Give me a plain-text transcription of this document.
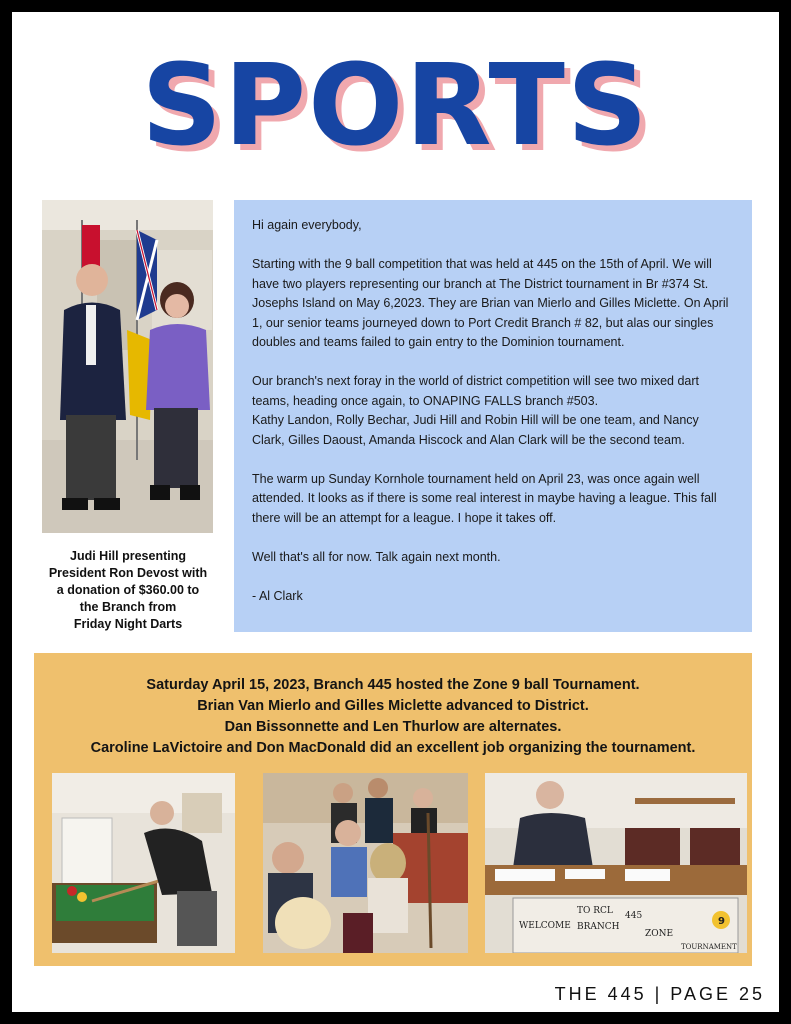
SPORTS
Judi Hill presenting
President Ron Devost with
a donation of $360.00 to
the Branch from
Friday Night Darts

Hi again everybody,

Starting with the 9 ball competition that was held at 445 on the 15th of April. We will have two players representing our branch at The District tournament in Br #374 St. Josephs Island on May 6,2023. They are Brian van Mierlo and Gilles Miclette. On April 1, our senior teams journeyed down to Port Credit Branch # 82, but alas our singles doubles and teams failed to gain entry to the Dominion tournament.

Our branch's next foray in the world of district competition will see two mixed dart teams, heading once again, to ONAPING FALLS branch #503.
Kathy Landon, Rolly Bechar, Judi Hill and Robin Hill will be one team, and Nancy Clark, Gilles Daoust, Amanda Hiscock and Alan Clark will be the second team.

The warm up Sunday Kornhole tournament held on April 23, was once again well attended. It looks as if there is some real interest in maybe having a league. This fall there will be an attempt for a league. I hope it takes off.

Well that's all for now. Talk again next month.

- Al Clark

Saturday April 15, 2023, Branch 445 hosted the Zone 9 ball Tournament.
Brian Van Mierlo and Gilles Miclette advanced to District.
Dan Bissonnette and Len Thurlow are alternates.
Caroline LaVictoire and Don MacDonald did an excellent job organizing the tournament.
TO RCL 445
WELCOME BRANCH
ZONE
9
TOURNAMENT
THE 445 | PAGE 25
